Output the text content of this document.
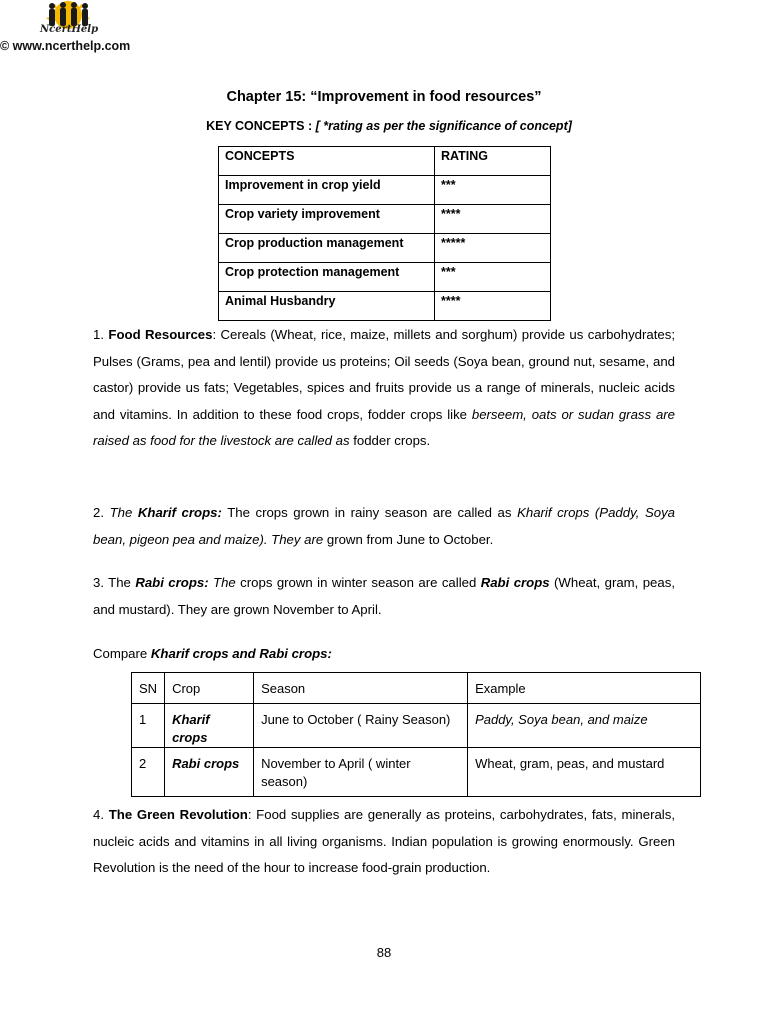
NcertHelp
© www.ncerthelp.com
Chapter 15: “Improvement in food resources”
KEY CONCEPTS : [ *rating as per the significance of concept]
CONCEPTS	RATING
Improvement in crop yield	***
Crop variety improvement	****
Crop production management	*****
Crop protection management	***
Animal Husbandry	****

1. Food Resources: Cereals (Wheat, rice, maize, millets and sorghum) provide us carbohydrates; Pulses (Grams, pea and lentil) provide us proteins; Oil seeds (Soya bean, ground nut, sesame, and castor) provide us fats; Vegetables, spices and fruits provide us a range of minerals, nucleic acids and vitamins. In addition to these food crops, fodder crops like berseem, oats or sudan grass are raised as food for the livestock are called as fodder crops.

2. The Kharif crops: The crops grown in rainy season are called as Kharif crops (Paddy, Soya bean, pigeon pea and maize). They are grown from June to October.

3. The Rabi crops: The crops grown in winter season are called Rabi crops (Wheat, gram, peas, and mustard). They are grown November to April.

Compare Kharif crops and Rabi crops:

SN	Crop	Season	Example
1	Kharif crops	June to October ( Rainy Season)	Paddy, Soya bean, and maize
2	Rabi crops	November to April ( winter season)	Wheat, gram, peas, and mustard

4. The Green Revolution: Food supplies are generally as proteins, carbohydrates, fats, minerals, nucleic acids and vitamins in all living organisms. Indian population is growing enormously. Green Revolution is the need of the hour to increase food-grain production.

88
